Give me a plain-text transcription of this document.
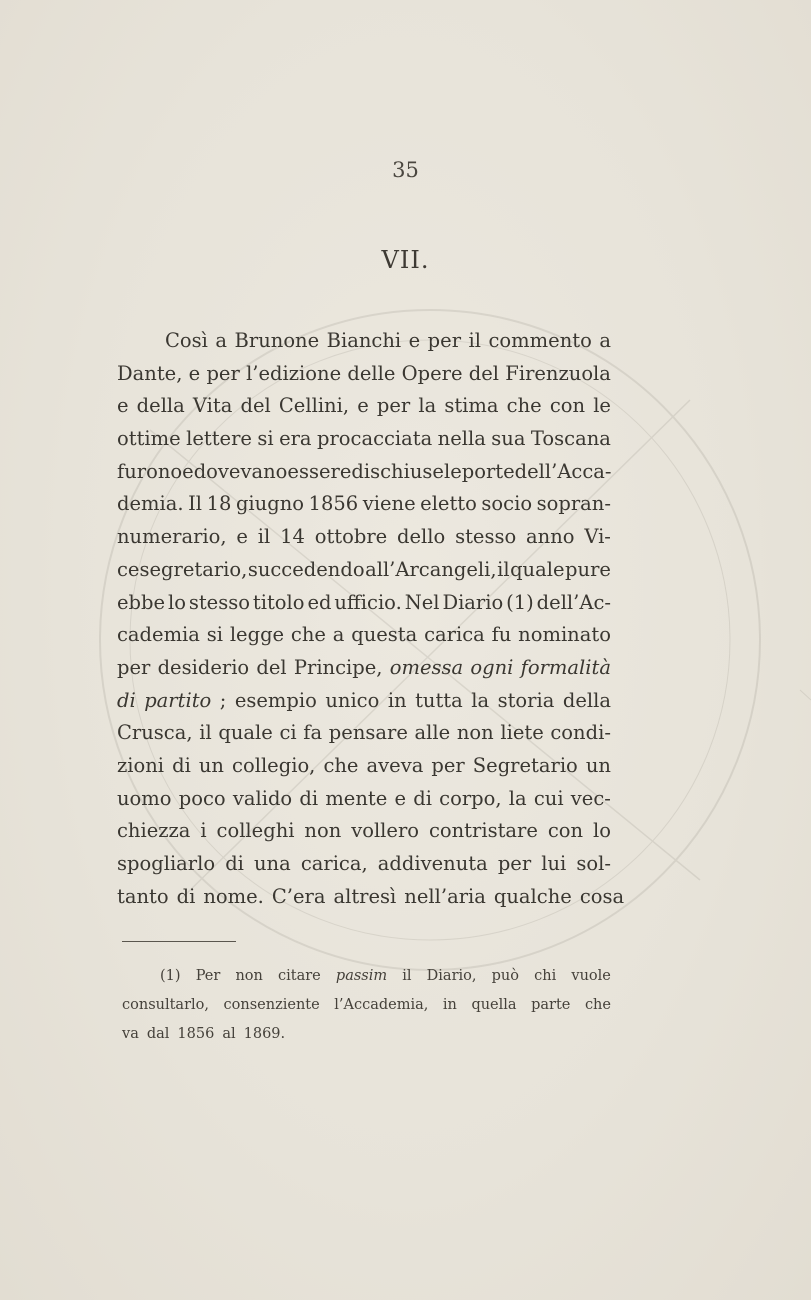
35
VII.
Così a Brunone Bianchi e per il commento a
Dante, e per l’edizione delle Opere del Firenzuola
e della Vita del Cellini, e per la stima che con le
ottime lettere si era procacciata nella sua Toscana
furono e dovevano essere dischiuse le porte dell’Acca-
demia. Il 18 giugno 1856 viene eletto socio sopran-
numerario, e il 14 ottobre dello stesso anno Vi-
cesegretario, succedendo all’Arcangeli, il quale pure
ebbe lo stesso titolo ed ufficio. Nel Diario (1) dell’Ac-
cademia si legge che a questa carica fu nominato
per desiderio del Principe, omessa ogni formalità
di partito ; esempio unico in tutta la storia della
Crusca, il quale ci fa pensare alle non liete condi-
zioni di un collegio, che aveva per Segretario un
uomo poco valido di mente e di corpo, la cui vec-
chiezza i colleghi non vollero contristare con lo
spogliarlo di una carica, addivenuta per lui sol-
tanto di nome. C’era altresì nell’aria qualche cosa
(1) Per non citare passim il Diario, può chi vuole
consultarlo, consenziente l’Accademia, in quella parte che
va dal 1856 al 1869.
